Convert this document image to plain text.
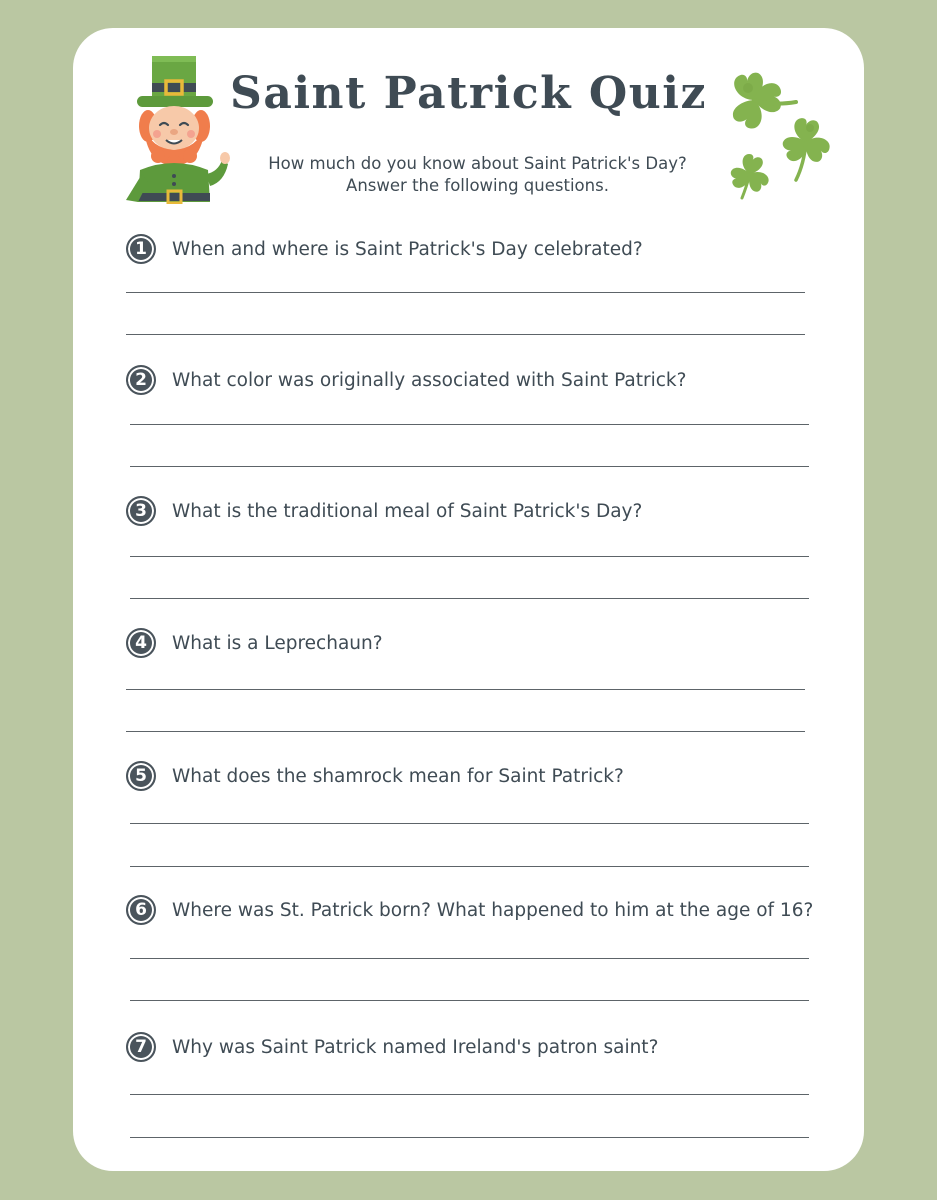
Saint Patrick Quiz
How much do you know about Saint Patrick's Day?
Answer the following questions.
1	When and where is Saint Patrick's Day celebrated?
2	What color was originally associated with Saint Patrick?
3	What is the traditional meal of Saint Patrick's Day?
4	What is a Leprechaun?
5	What does the shamrock mean for Saint Patrick?
6	Where was St. Patrick born? What happened to him at the age of 16?
7	Why was Saint Patrick named Ireland's patron saint?
